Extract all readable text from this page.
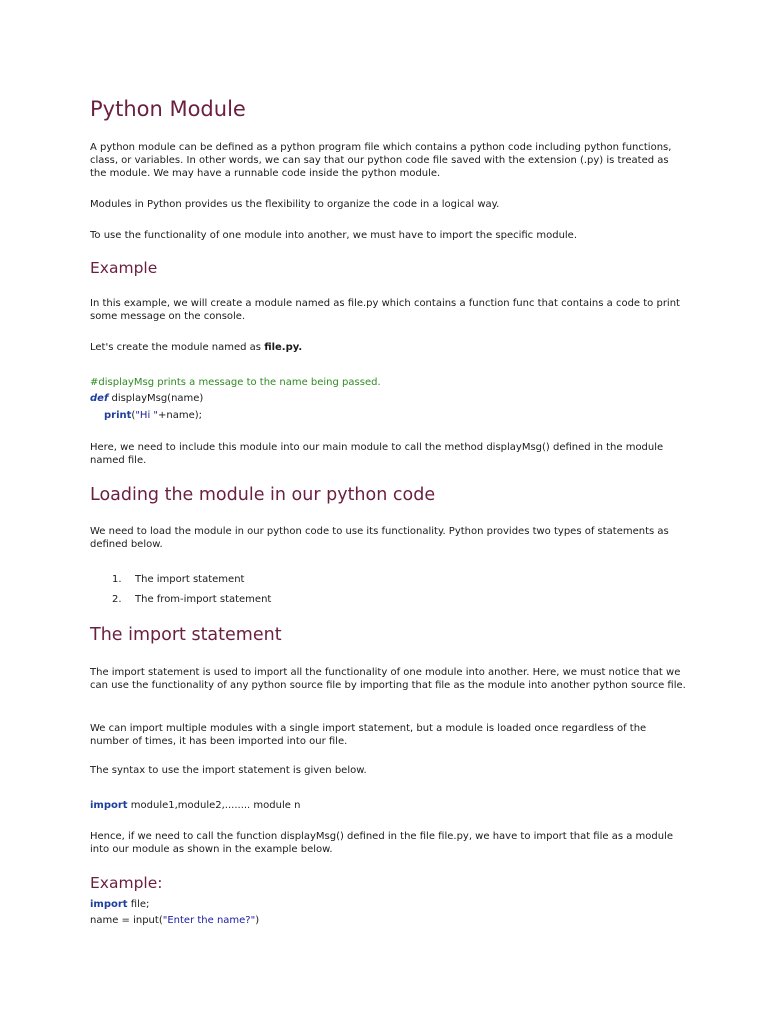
Python Module
A python module can be defined as a python program file which contains a python code including python functions, class, or variables. In other words, we can say that our python code file saved with the extension (.py) is treated as the module. We may have a runnable code inside the python module.
Modules in Python provides us the flexibility to organize the code in a logical way.
To use the functionality of one module into another, we must have to import the specific module.
Example
In this example, we will create a module named as file.py which contains a function func that contains a code to print some message on the console.
Let's create the module named as file.py.
#displayMsg prints a message to the name being passed.
def displayMsg(name)
print("Hi "+name);
Here, we need to include this module into our main module to call the method displayMsg() defined in the module named file.
Loading the module in our python code
We need to load the module in our python code to use its functionality. Python provides two types of statements as defined below.
1. The import statement
2. The from-import statement
The import statement
The import statement is used to import all the functionality of one module into another. Here, we must notice that we can use the functionality of any python source file by importing that file as the module into another python source file.
We can import multiple modules with a single import statement, but a module is loaded once regardless of the number of times, it has been imported into our file.
The syntax to use the import statement is given below.
import module1,module2,........ module n
Hence, if we need to call the function displayMsg() defined in the file file.py, we have to import that file as a module into our module as shown in the example below.
Example:
import file;
name = input("Enter the name?")
